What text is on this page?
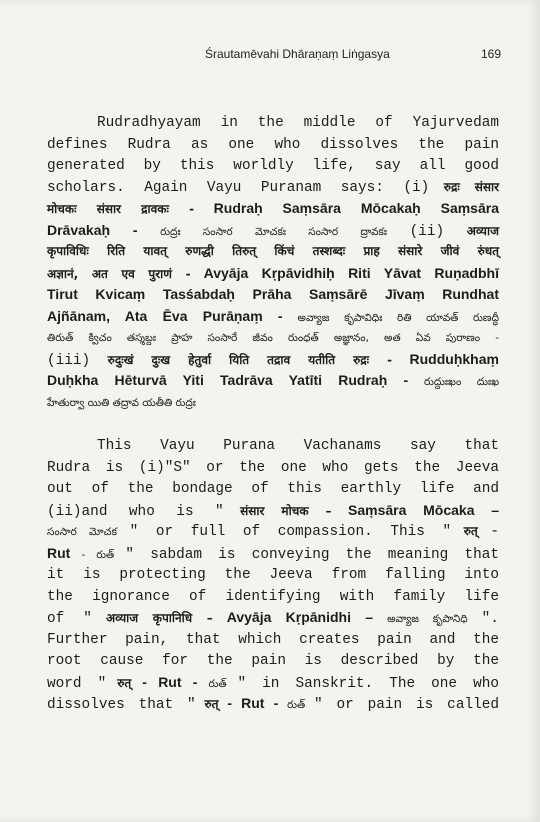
Śrautamēvahi Dhāraṇaṃ Liṅgasya	169
Rudradhyayam in the middle of Yajurvedam
defines Rudra as one who dissolves the pain
generated by this worldly life, say all good
scholars. Again Vayu Puranam says: (i) रुद्रः संसार
मोचकः संसार द्रावकः - Rudraḥ Saṃsāra Mōcakaḥ Saṃsāra
Drāvakaḥ - రుద్రః సంసార మోచకః సంసార ద్రావకః (ii) अव्याज
कृपाविधिः रिति यावत् रुणद्धी तिरुत् किंचं तस्शब्दः प्राह संसारे जीवं रुंधत्
अज्ञानं, अत एव पुराणं - Avyāja Kṛpāvidhiḥ Riti Yāvat Ruṇadbhī
Tirut Kvicaṃ Tasśabdaḥ Prāha Saṃsārē Jīvaṃ Rundhat
Ajñānam, Ata Ēva Purāṇaṃ - అవ్యాజ కృపావిధిః రితి యావత్ రుణద్ధీ
తిరుత్ క్విచం తస్శబ్దః ప్రాహ సంసారే జీవం రుంధత్ అజ్ఞానం, అత ఏవ పురాణం -
(iii) रुदुःखं दुःख हेतुर्वा यिति तद्राव यतीति रुद्रः - Rudduḥkhaṃ
Duḥkha Hēturvā Yiti Tadrāva Yatīti Rudraḥ - రుద్దుఃఖం దుఃఖ
హేతుర్వా యితి తద్రావ యతీతి రుద్రః
This Vayu Purana Vachanams say that
Rudra is (i)"S" or the one who gets the Jeeva
out of the bondage of this earthly life and
(ii)and who is " संसार मोचक – Saṃsāra Mōcaka –
సంసార మోచక " or full of compassion. This " रुत् -
Rut - రుత్ " sabdam is conveying the meaning that
it is protecting the Jeeva from falling into
the ignorance of identifying with family life
of " अव्याज कृपानिधि – Avyāja Kṛpānidhi – అవ్యాజ కృపానిధి ".
Further pain, that which creates pain and the
root cause for the pain is described by the
word " रुत् - Rut - రుత్ " in Sanskrit. The one who
dissolves that " रुत् - Rut - రుత్ " or pain is called
